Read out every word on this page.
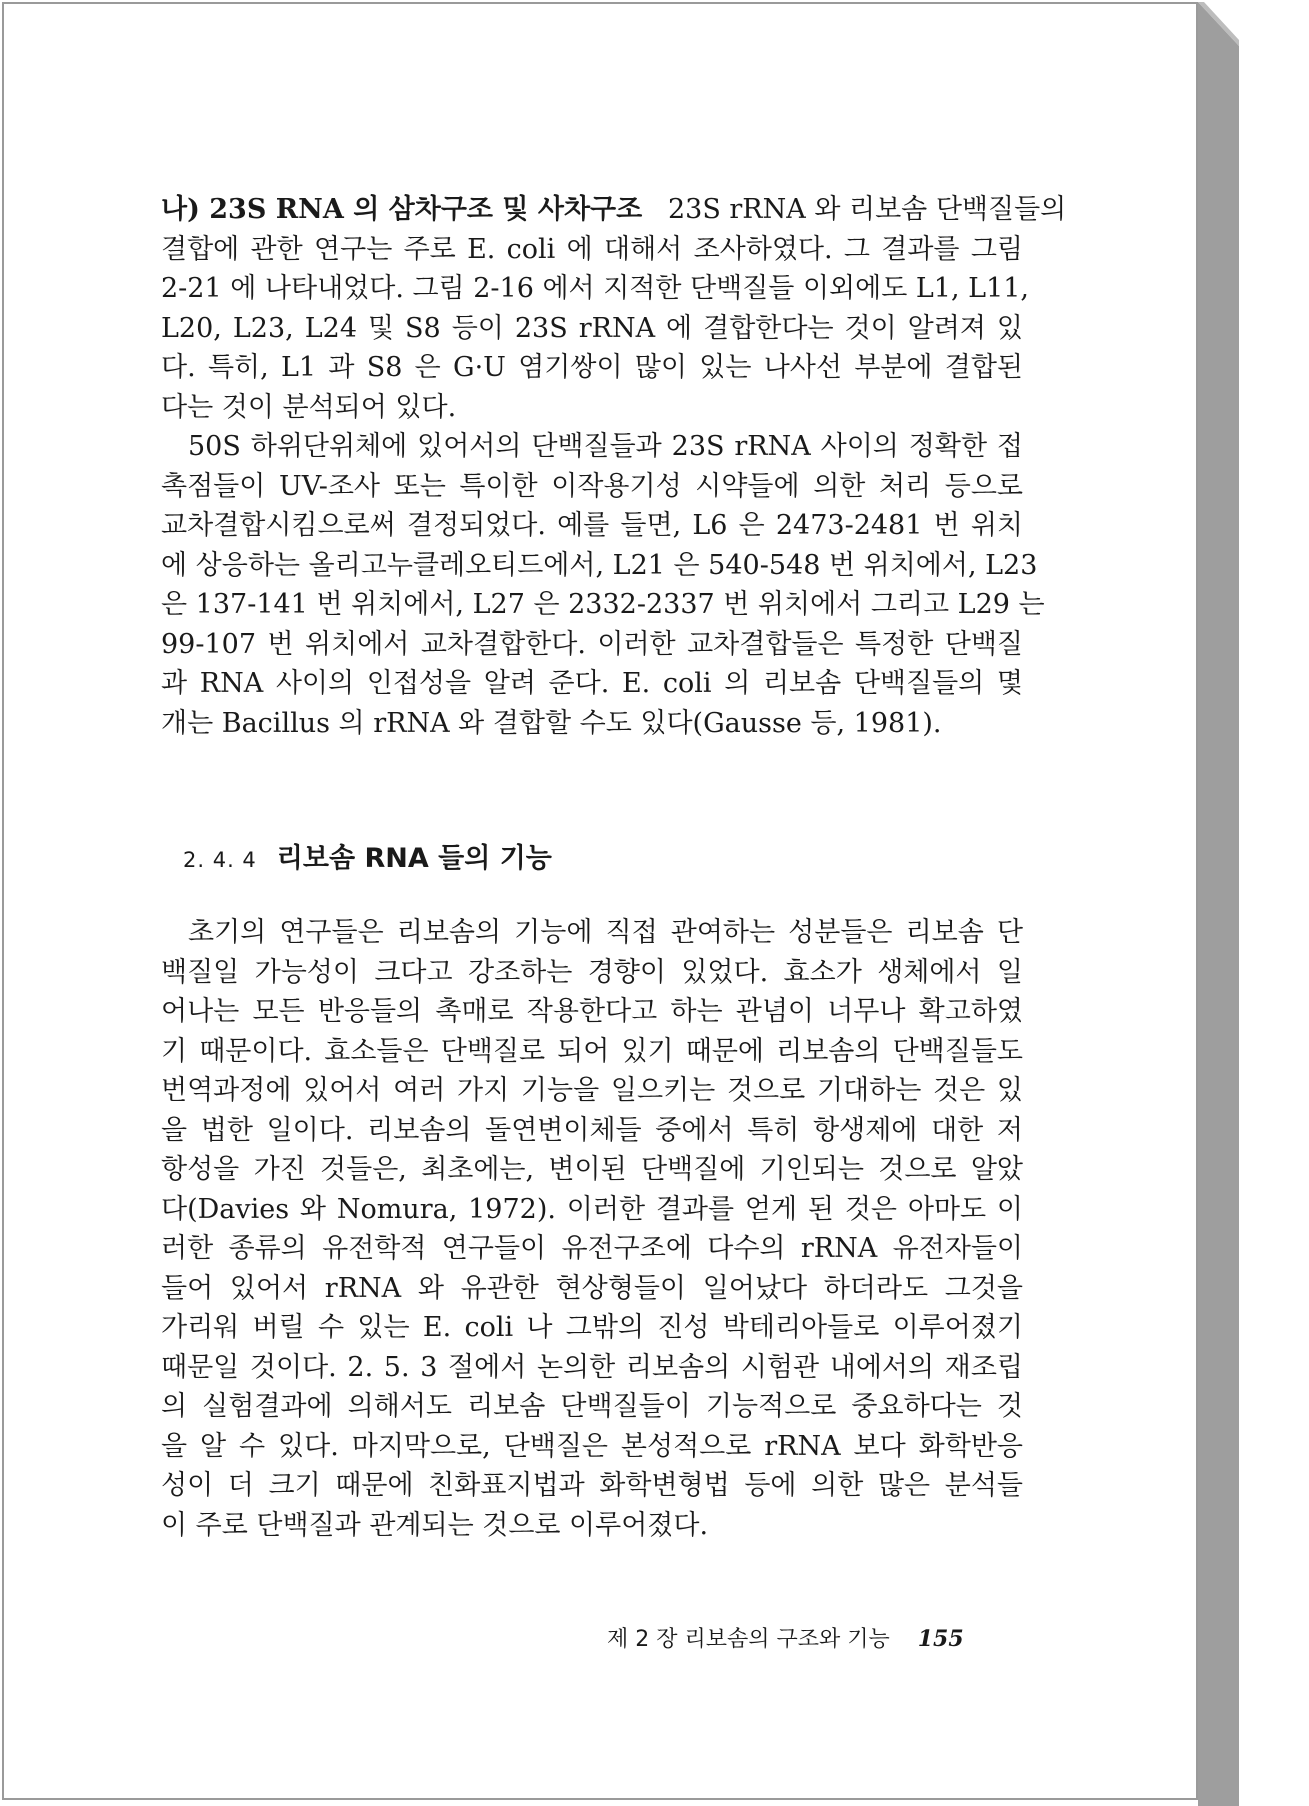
나) 23S RNA 의 삼차구조 및 사차구조 23S rRNA 와 리보솜 단백질들의
결합에 관한 연구는 주로 E. coli 에 대해서 조사하였다. 그 결과를 그림
2-21 에 나타내었다. 그림 2-16 에서 지적한 단백질들 이외에도 L1, L11,
L20, L23, L24 및 S8 등이 23S rRNA 에 결합한다는 것이 알려져 있
다. 특히, L1 과 S8 은 G·U 염기쌍이 많이 있는 나사선 부분에 결합된
다는 것이 분석되어 있다.
50S 하위단위체에 있어서의 단백질들과 23S rRNA 사이의 정확한 접
촉점들이 UV-조사 또는 특이한 이작용기성 시약들에 의한 처리 등으로
교차결합시킴으로써 결정되었다. 예를 들면, L6 은 2473-2481 번 위치
에 상응하는 올리고누클레오티드에서, L21 은 540-548 번 위치에서, L23
은 137-141 번 위치에서, L27 은 2332-2337 번 위치에서 그리고 L29 는
99-107 번 위치에서 교차결합한다. 이러한 교차결합들은 특정한 단백질
과 RNA 사이의 인접성을 알려 준다. E. coli 의 리보솜 단백질들의 몇
개는 Bacillus 의 rRNA 와 결합할 수도 있다(Gausse 등, 1981).
2. 4. 4 리보솜 RNA 들의 기능
초기의 연구들은 리보솜의 기능에 직접 관여하는 성분들은 리보솜 단
백질일 가능성이 크다고 강조하는 경향이 있었다. 효소가 생체에서 일
어나는 모든 반응들의 촉매로 작용한다고 하는 관념이 너무나 확고하였
기 때문이다. 효소들은 단백질로 되어 있기 때문에 리보솜의 단백질들도
번역과정에 있어서 여러 가지 기능을 일으키는 것으로 기대하는 것은 있
을 법한 일이다. 리보솜의 돌연변이체들 중에서 특히 항생제에 대한 저
항성을 가진 것들은, 최초에는, 변이된 단백질에 기인되는 것으로 알았
다(Davies 와 Nomura, 1972). 이러한 결과를 얻게 된 것은 아마도 이
러한 종류의 유전학적 연구들이 유전구조에 다수의 rRNA 유전자들이
들어 있어서 rRNA 와 유관한 현상형들이 일어났다 하더라도 그것을
가리워 버릴 수 있는 E. coli 나 그밖의 진성 박테리아들로 이루어졌기
때문일 것이다. 2. 5. 3 절에서 논의한 리보솜의 시험관 내에서의 재조립
의 실험결과에 의해서도 리보솜 단백질들이 기능적으로 중요하다는 것
을 알 수 있다. 마지막으로, 단백질은 본성적으로 rRNA 보다 화학반응
성이 더 크기 때문에 친화표지법과 화학변형법 등에 의한 많은 분석들
이 주로 단백질과 관계되는 것으로 이루어졌다.
제 2 장 리보솜의 구조와 기능 155
